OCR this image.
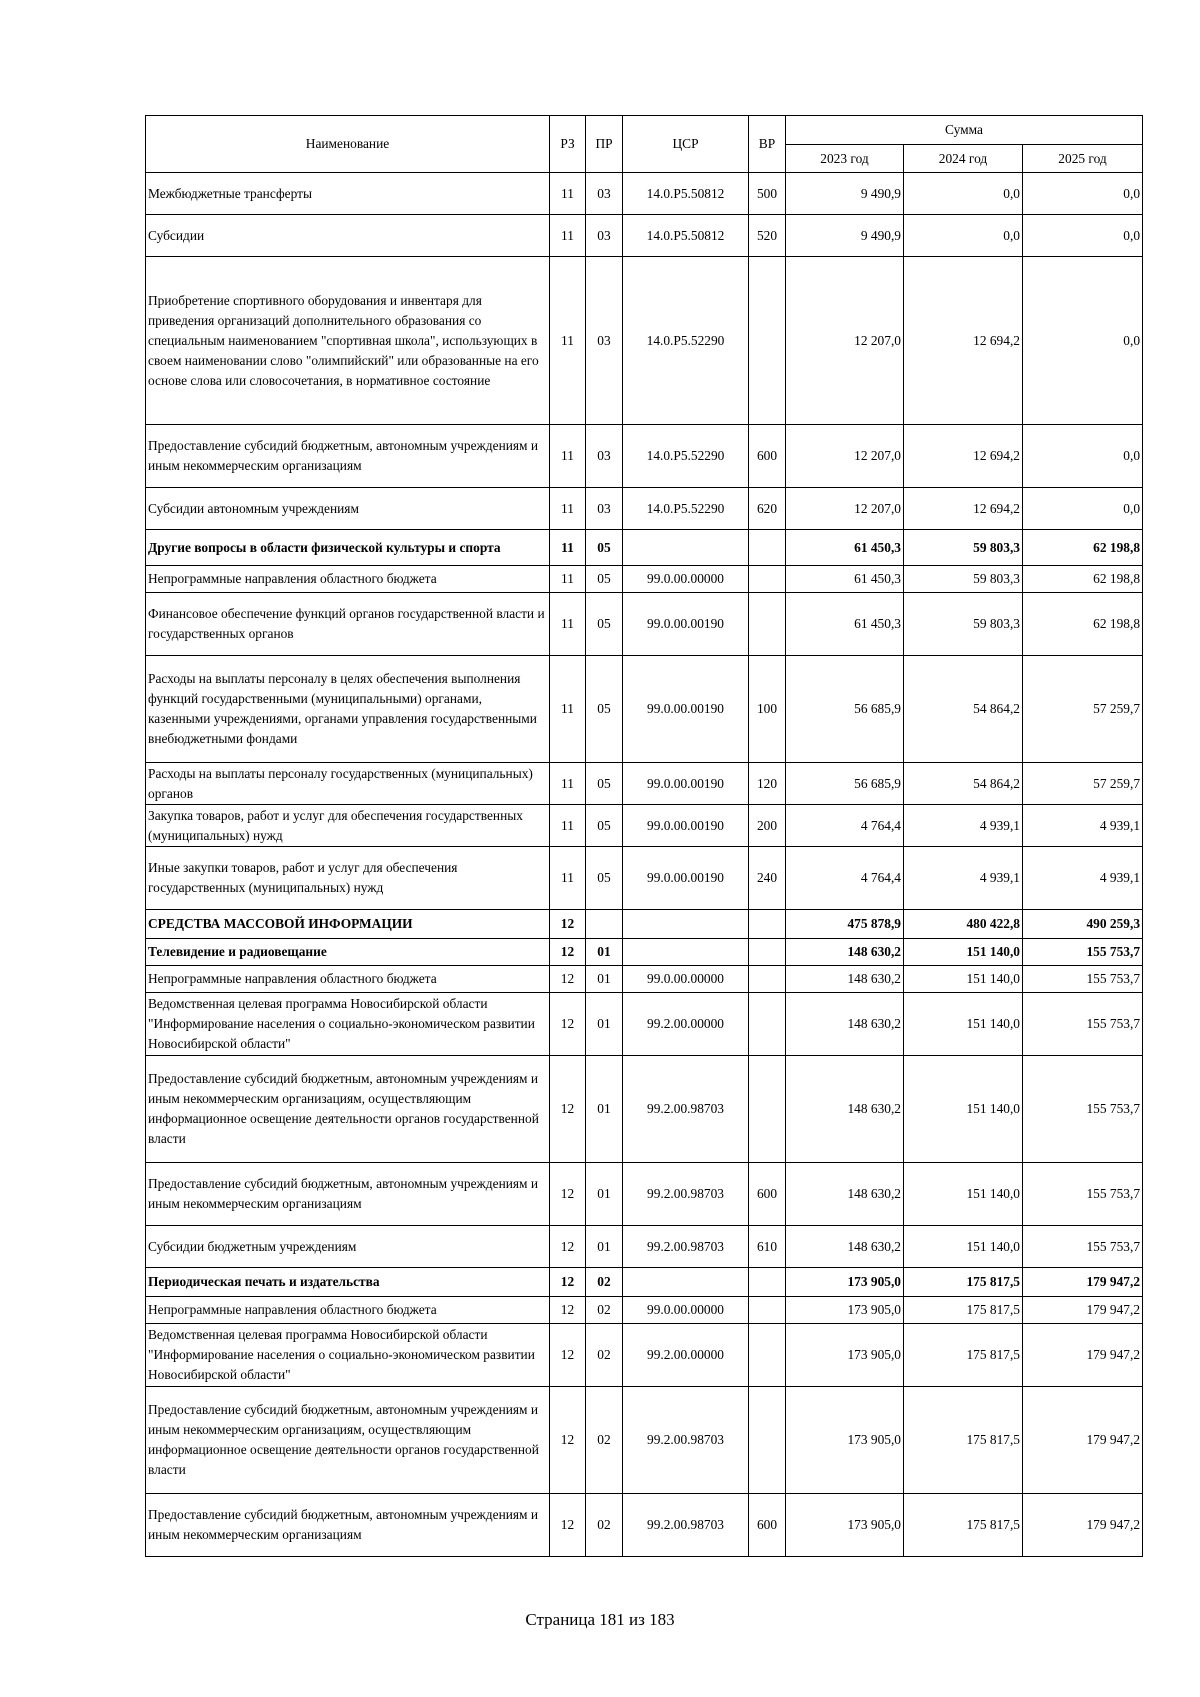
Наименование	РЗ	ПР	ЦСР	ВР	Сумма		
					2023 год	2024 год	2025 год
Межбюджетные трансферты	11	03	14.0.P5.50812	500	9 490,9	0,0	0,0
Субсидии	11	03	14.0.P5.50812	520	9 490,9	0,0	0,0
Приобретение спортивного оборудования и инвентаря для приведения организаций дополнительного образования со специальным наименованием "спортивная школа", использующих в своем наименовании слово "олимпийский" или образованные на его основе слова или словосочетания, в нормативное состояние	11	03	14.0.P5.52290		12 207,0	12 694,2	0,0
Предоставление субсидий бюджетным, автономным учреждениям и иным некоммерческим организациям	11	03	14.0.P5.52290	600	12 207,0	12 694,2	0,0
Субсидии автономным учреждениям	11	03	14.0.P5.52290	620	12 207,0	12 694,2	0,0
Другие вопросы в области физической культуры и спорта	11	05			61 450,3	59 803,3	62 198,8
Непрограммные направления областного бюджета	11	05	99.0.00.00000		61 450,3	59 803,3	62 198,8
Финансовое обеспечение функций органов государственной власти и государственных органов	11	05	99.0.00.00190		61 450,3	59 803,3	62 198,8
Расходы на выплаты персоналу в целях обеспечения выполнения функций государственными (муниципальными) органами, казенными учреждениями, органами управления государственными внебюджетными фондами	11	05	99.0.00.00190	100	56 685,9	54 864,2	57 259,7
Расходы на выплаты персоналу государственных (муниципальных) органов	11	05	99.0.00.00190	120	56 685,9	54 864,2	57 259,7
Закупка товаров, работ и услуг для обеспечения государственных (муниципальных) нужд	11	05	99.0.00.00190	200	4 764,4	4 939,1	4 939,1
Иные закупки товаров, работ и услуг для обеспечения государственных (муниципальных) нужд	11	05	99.0.00.00190	240	4 764,4	4 939,1	4 939,1
СРЕДСТВА МАССОВОЙ ИНФОРМАЦИИ	12				475 878,9	480 422,8	490 259,3
Телевидение и радиовещание	12	01			148 630,2	151 140,0	155 753,7
Непрограммные направления областного бюджета	12	01	99.0.00.00000		148 630,2	151 140,0	155 753,7
Ведомственная целевая программа Новосибирской области "Информирование населения о социально-экономическом развитии Новосибирской области"	12	01	99.2.00.00000		148 630,2	151 140,0	155 753,7
Предоставление субсидий бюджетным, автономным учреждениям и иным некоммерческим организациям, осуществляющим информационное освещение деятельности органов государственной власти	12	01	99.2.00.98703		148 630,2	151 140,0	155 753,7
Предоставление субсидий бюджетным, автономным учреждениям и иным некоммерческим организациям	12	01	99.2.00.98703	600	148 630,2	151 140,0	155 753,7
Субсидии бюджетным учреждениям	12	01	99.2.00.98703	610	148 630,2	151 140,0	155 753,7
Периодическая печать и издательства	12	02			173 905,0	175 817,5	179 947,2
Непрограммные направления областного бюджета	12	02	99.0.00.00000		173 905,0	175 817,5	179 947,2
Ведомственная целевая программа Новосибирской области "Информирование населения о социально-экономическом развитии Новосибирской области"	12	02	99.2.00.00000		173 905,0	175 817,5	179 947,2
Предоставление субсидий бюджетным, автономным учреждениям и иным некоммерческим организациям, осуществляющим информационное освещение деятельности органов государственной власти	12	02	99.2.00.98703		173 905,0	175 817,5	179 947,2
Предоставление субсидий бюджетным, автономным учреждениям и иным некоммерческим организациям	12	02	99.2.00.98703	600	173 905,0	175 817,5	179 947,2
Страница 181 из 183
